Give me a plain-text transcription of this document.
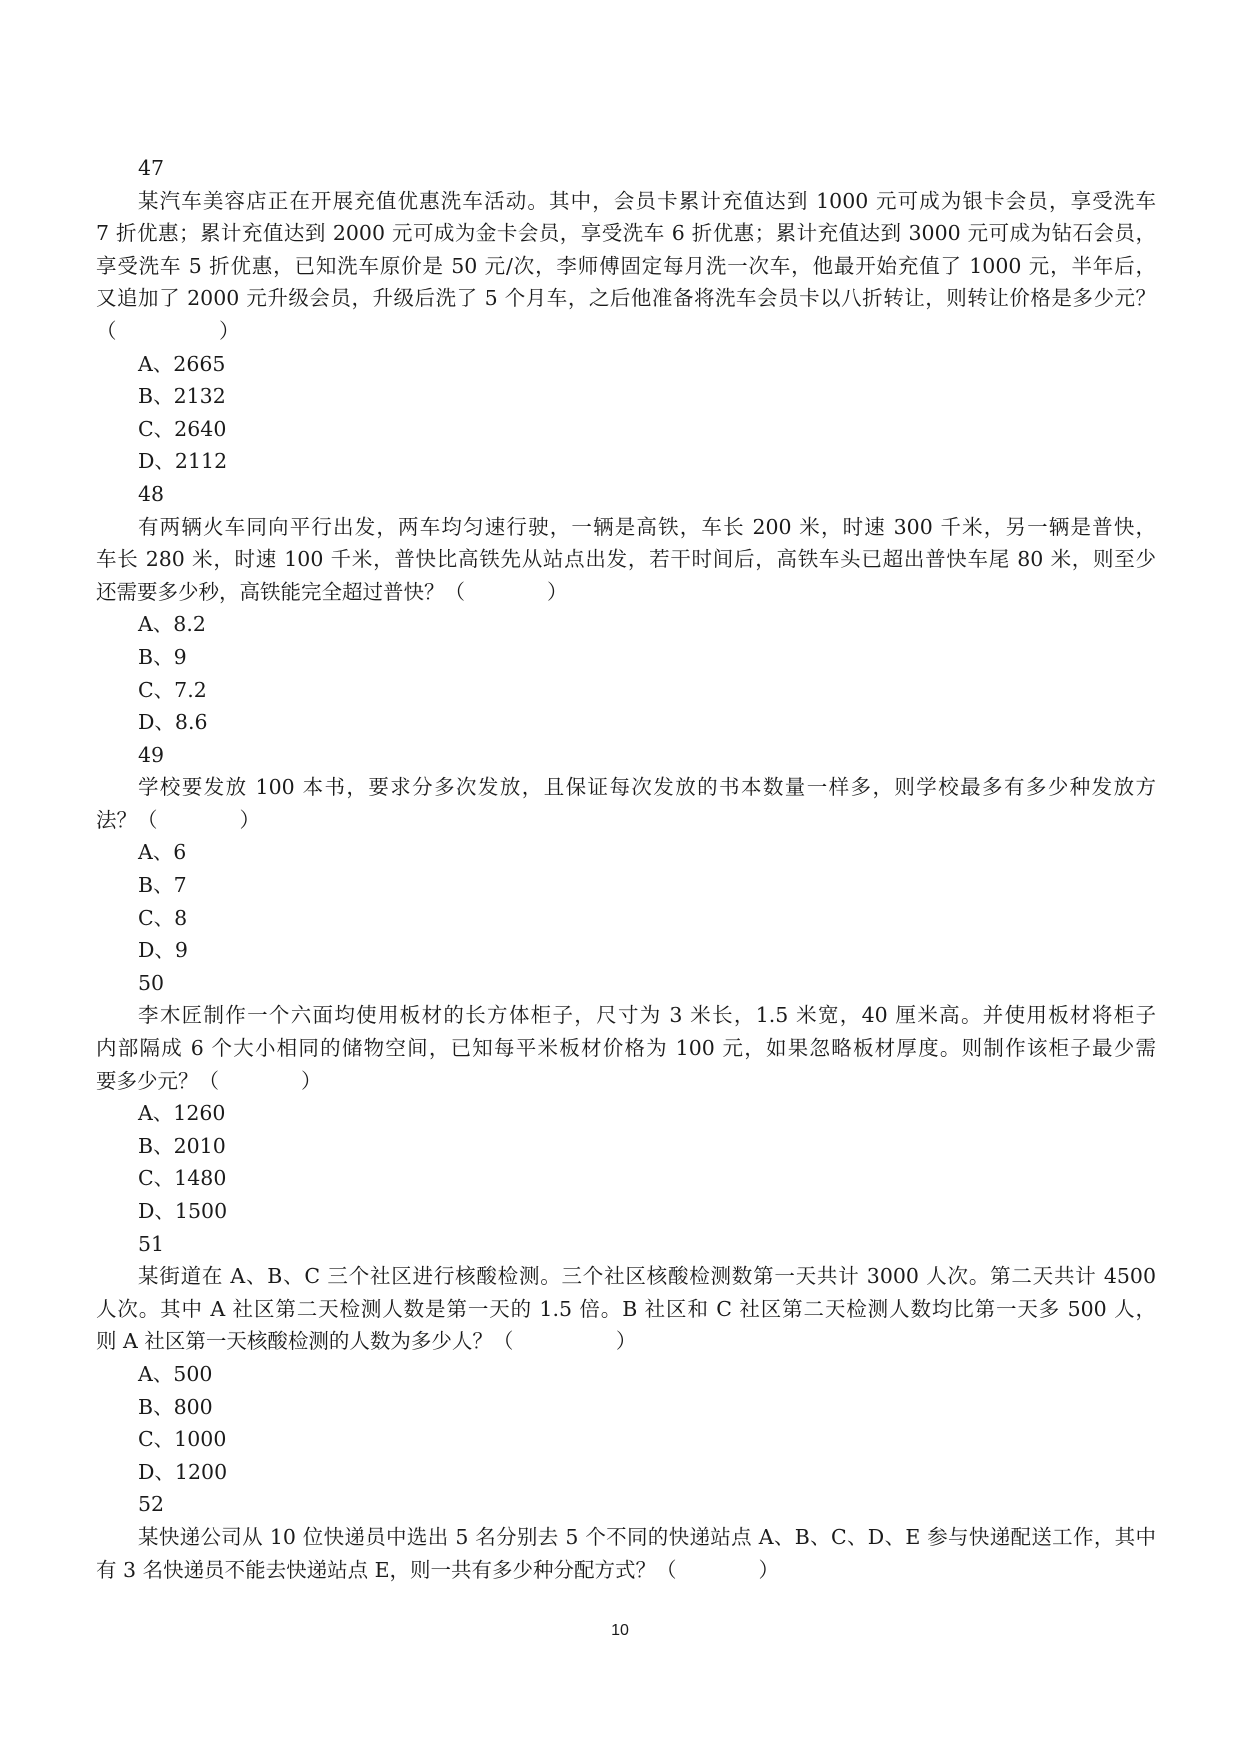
47
某汽车美容店正在开展充值优惠洗车活动。其中，会员卡累计充值达到 1000 元可成为银卡会员，享受洗车
7 折优惠；累计充值达到 2000 元可成为金卡会员，享受洗车 6 折优惠；累计充值达到 3000 元可成为钻石会员，
享受洗车 5 折优惠，已知洗车原价是 50 元/次，李师傅固定每月洗一次车，他最开始充值了 1000 元，半年后，
又追加了 2000 元升级会员，升级后洗了 5 个月车，之后他准备将洗车会员卡以八折转让，则转让价格是多少元？
（　　　　　）
A、2665
B、2132
C、2640
D、2112
48
有两辆火车同向平行出发，两车均匀速行驶，一辆是高铁，车长 200 米，时速 300 千米，另一辆是普快，
车长 280 米，时速 100 千米，普快比高铁先从站点出发，若干时间后，高铁车头已超出普快车尾 80 米，则至少
还需要多少秒，高铁能完全超过普快？（　　　　）
A、8.2
B、9
C、7.2
D、8.6
49
学校要发放 100 本书，要求分多次发放，且保证每次发放的书本数量一样多，则学校最多有多少种发放方
法？（　　　　）
A、6
B、7
C、8
D、9
50
李木匠制作一个六面均使用板材的长方体柜子，尺寸为 3 米长，1.5 米宽，40 厘米高。并使用板材将柜子
内部隔成 6 个大小相同的储物空间，已知每平米板材价格为 100 元，如果忽略板材厚度。则制作该柜子最少需
要多少元？（　　　　）
A、1260
B、2010
C、1480
D、1500
51
某街道在 A、B、C 三个社区进行核酸检测。三个社区核酸检测数第一天共计 3000 人次。第二天共计 4500
人次。其中 A 社区第二天检测人数是第一天的 1.5 倍。B 社区和 C 社区第二天检测人数均比第一天多 500 人，
则 A 社区第一天核酸检测的人数为多少人？（　　　　　）
A、500
B、800
C、1000
D、1200
52
某快递公司从 10 位快递员中选出 5 名分别去 5 个不同的快递站点 A、B、C、D、E 参与快递配送工作，其中
有 3 名快递员不能去快递站点 E，则一共有多少种分配方式？（　　　　）
10
